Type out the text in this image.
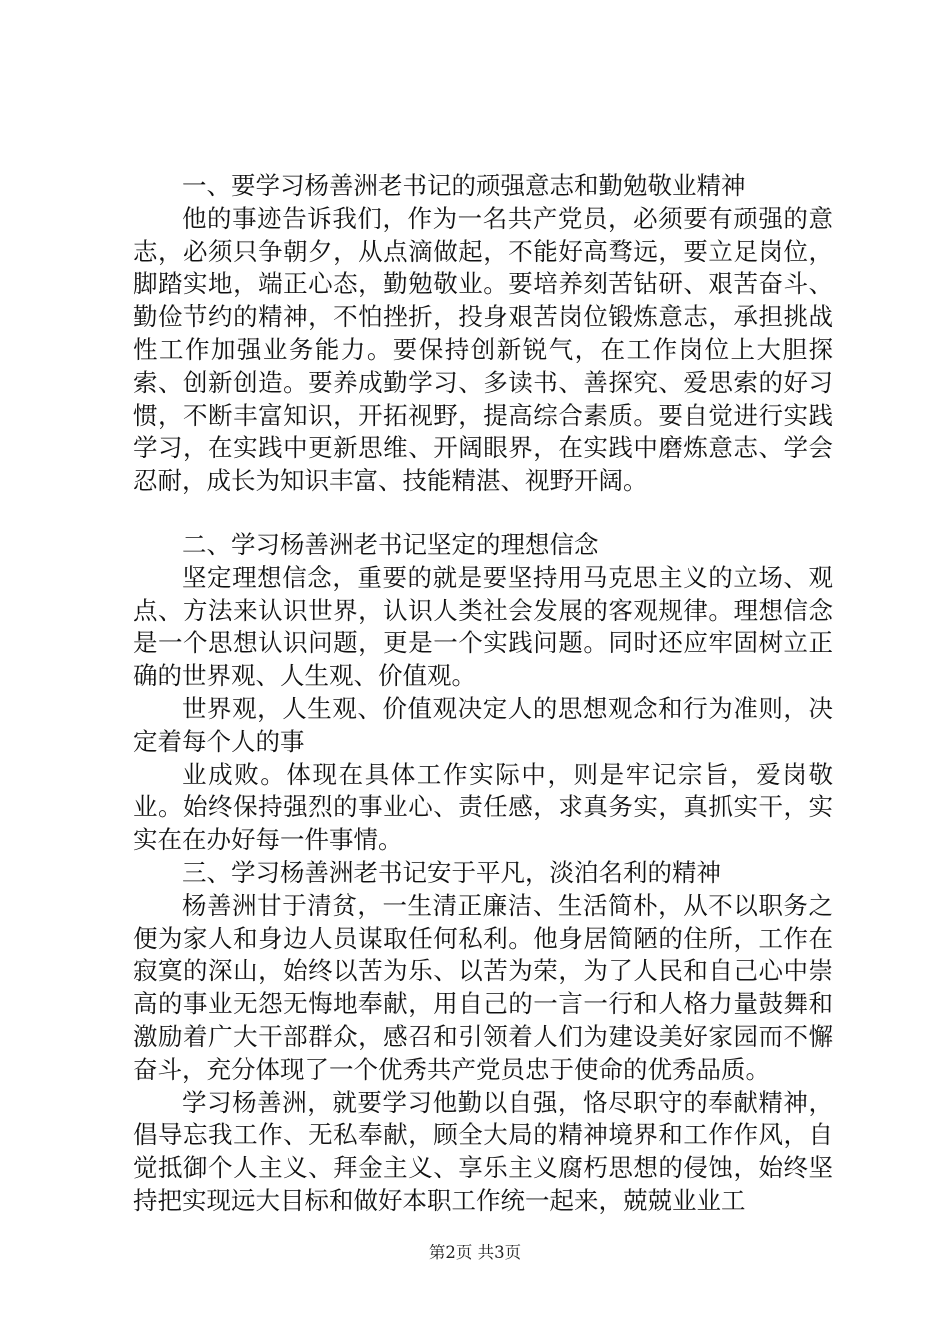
一、要学习杨善洲老书记的顽强意志和勤勉敬业精神

他的事迹告诉我们，作为一名共产党员，必须要有顽强的意志，必须只争朝夕，从点滴做起，不能好高骛远，要立足岗位，脚踏实地，端正心态，勤勉敬业。要培养刻苦钻研、艰苦奋斗、勤俭节约的精神，不怕挫折，投身艰苦岗位锻炼意志，承担挑战性工作加强业务能力。要保持创新锐气，在工作岗位上大胆探索、创新创造。要养成勤学习、多读书、善探究、爱思索的好习惯，不断丰富知识，开拓视野，提高综合素质。要自觉进行实践学习，在实践中更新思维、开阔眼界，在实践中磨炼意志、学会忍耐，成长为知识丰富、技能精湛、视野开阔。

二、学习杨善洲老书记坚定的理想信念

坚定理想信念，重要的就是要坚持用马克思主义的立场、观点、方法来认识世界，认识人类社会发展的客观规律。理想信念是一个思想认识问题，更是一个实践问题。同时还应牢固树立正确的世界观、人生观、价值观。

世界观，人生观、价值观决定人的思想观念和行为准则，决定着每个人的事

业成败。体现在具体工作实际中，则是牢记宗旨，爱岗敬业。始终保持强烈的事业心、责任感，求真务实，真抓实干，实实在在办好每一件事情。

三、学习杨善洲老书记安于平凡，淡泊名利的精神

杨善洲甘于清贫，一生清正廉洁、生活简朴，从不以职务之便为家人和身边人员谋取任何私利。他身居简陋的住所，工作在寂寞的深山，始终以苦为乐、以苦为荣，为了人民和自己心中崇高的事业无怨无悔地奉献，用自己的一言一行和人格力量鼓舞和激励着广大干部群众，感召和引领着人们为建设美好家园而不懈奋斗，充分体现了一个优秀共产党员忠于使命的优秀品质。

学习杨善洲，就要学习他勤以自强，恪尽职守的奉献精神，倡导忘我工作、无私奉献，顾全大局的精神境界和工作作风，自觉抵御个人主义、拜金主义、享乐主义腐朽思想的侵蚀，始终坚持把实现远大目标和做好本职工作统一起来，兢兢业业工

第2页 共3页
